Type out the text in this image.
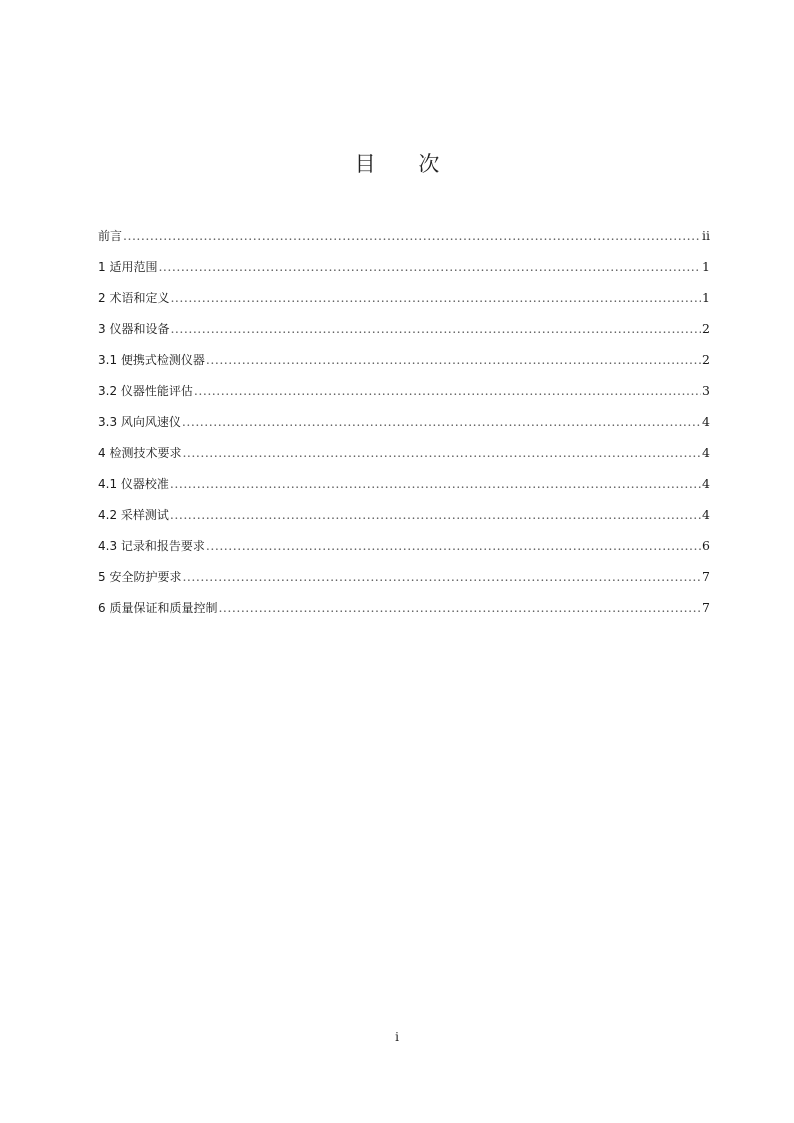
目 次
前言 .....	ii
1 适用范围 .....	1
2 术语和定义 .....	1
3 仪器和设备 .....	2
3.1 便携式检测仪器 .....	2
3.2 仪器性能评估 .....	3
3.3 风向风速仪 .....	4
4 检测技术要求 .....	4
4.1 仪器校准 .....	4
4.2 采样测试 .....	4
4.3 记录和报告要求 .....	6
5 安全防护要求 .....	7
6 质量保证和质量控制 .....	7
i
